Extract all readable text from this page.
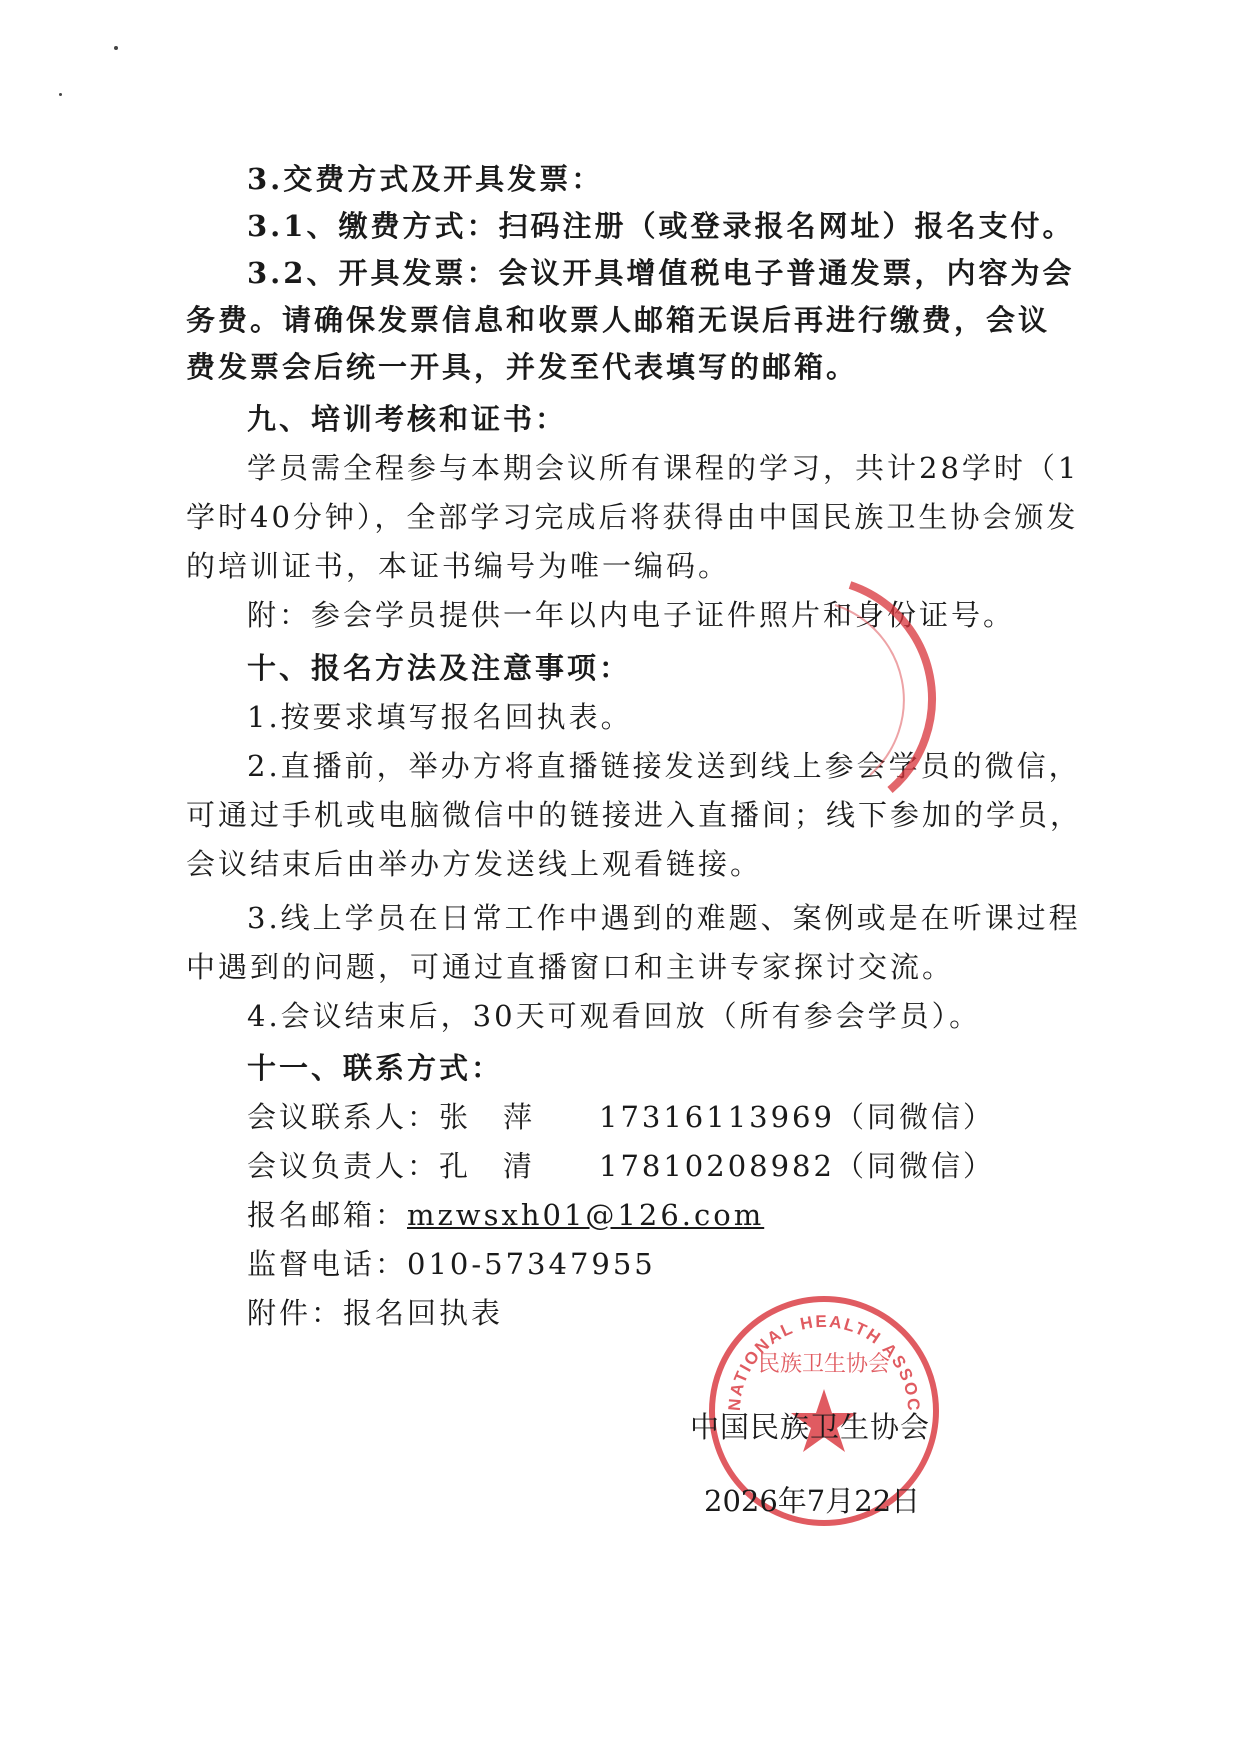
3.交费方式及开具发票：
3.1、缴费方式：扫码注册（或登录报名网址）报名支付。
3.2、开具发票：会议开具增值税电子普通发票，内容为会
务费。请确保发票信息和收票人邮箱无误后再进行缴费，会议
费发票会后统一开具，并发至代表填写的邮箱。
九、培训考核和证书：
学员需全程参与本期会议所有课程的学习，共计28学时（1
学时40分钟），全部学习完成后将获得由中国民族卫生协会颁发
的培训证书，本证书编号为唯一编码。
附：参会学员提供一年以内电子证件照片和身份证号。
十、报名方法及注意事项：
1.按要求填写报名回执表。
2.直播前，举办方将直播链接发送到线上参会学员的微信，
可通过手机或电脑微信中的链接进入直播间；线下参加的学员，
会议结束后由举办方发送线上观看链接。
3.线上学员在日常工作中遇到的难题、案例或是在听课过程
中遇到的问题，可通过直播窗口和主讲专家探讨交流。
4.会议结束后，30天可观看回放（所有参会学员）。
十一、联系方式：
会议联系人：张　萍　　17316113969（同微信）
会议负责人：孔　清　　17810208982（同微信）
报名邮箱：mzwsxh01@126.com
监督电话：010-57347955
附件：报名回执表
CHINA NATIONAL HEALTH ASSOCIATION
民族卫生协会
中国民族卫生协会
2026年7月22日
